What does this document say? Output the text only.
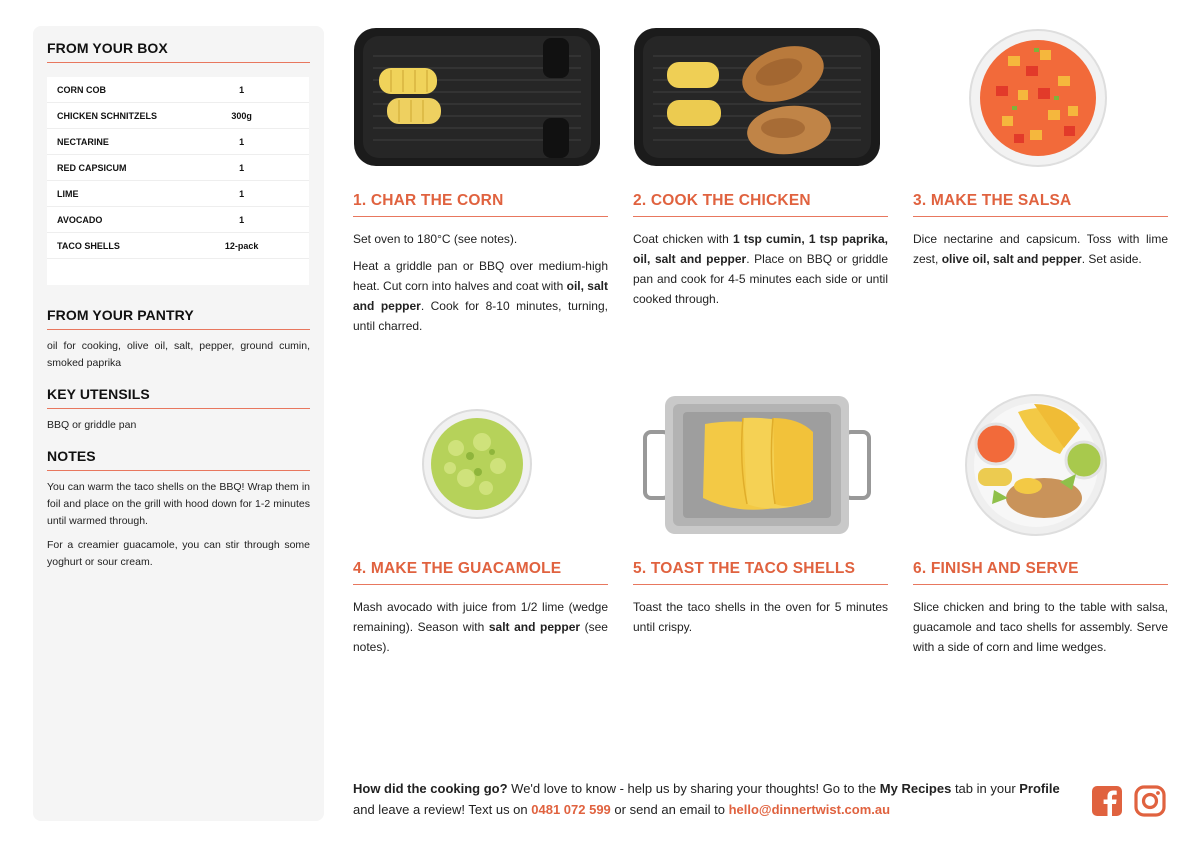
FROM YOUR BOX
CORN COB	1
CHICKEN SCHNITZELS	300g
NECTARINE	1
RED CAPSICUM	1
LIME	1
AVOCADO	1
TACO SHELLS	12-pack
FROM YOUR PANTRY

oil for cooking, olive oil, salt, pepper, ground cumin, smoked paprika

KEY UTENSILS

BBQ or griddle pan

NOTES

You can warm the taco shells on the BBQ! Wrap them in foil and place on the grill with hood down for 1-2 minutes until warmed through.

For a creamier guacamole, you can stir through some yoghurt or sour cream.

1. CHAR THE CORN

Set oven to 180°C (see notes).

Heat a griddle pan or BBQ over medium-high heat. Cut corn into halves and coat with oil, salt and pepper. Cook for 8-10 minutes, turning, until charred.

2. COOK THE CHICKEN

Coat chicken with 1 tsp cumin, 1 tsp paprika, oil, salt and pepper. Place on BBQ or griddle pan and cook for 4-5 minutes each side or until cooked through.

3. MAKE THE SALSA

Dice nectarine and capsicum. Toss with lime zest, olive oil, salt and pepper. Set aside.

4. MAKE THE GUACAMOLE

Mash avocado with juice from 1/2 lime (wedge remaining). Season with salt and pepper (see notes).

5. TOAST THE TACO SHELLS

Toast the taco shells in the oven for 5 minutes until crispy.

6. FINISH AND SERVE

Slice chicken and bring to the table with salsa, guacamole and taco shells for assembly. Serve with a side of corn and lime wedges.

How did the cooking go? We'd love to know - help us by sharing your thoughts! Go to the My Recipes tab in your Profile and leave a review! Text us on 0481 072 599 or send an email to hello@dinnertwist.com.au
